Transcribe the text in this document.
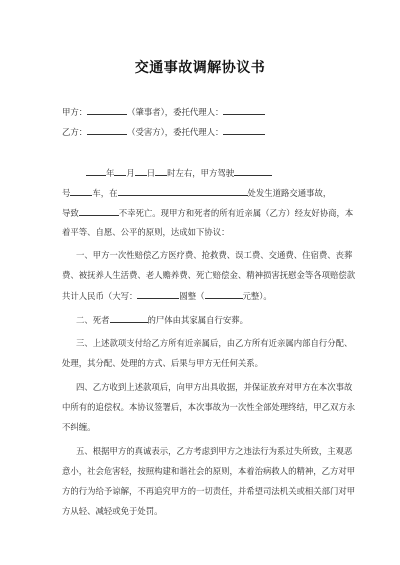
交通事故调解协议书
甲方：	（肇事者），委托代理人：
乙方：	（受害方），委托代理人：
年 月 日 时左右，甲方驾驶
号	车，在	处发生道路交通事故，
导致	不幸死亡。现甲方和死者的所有近亲属（乙方）经友好协商，本
着平等、自愿、公平的原则，达成如下协议：
一、甲方一次性赔偿乙方医疗费、抢救费、误工费、交通费、住宿费、丧葬
费、被抚养人生活费、老人赡养费、死亡赔偿金、精神损害抚慰金等各项赔偿款
共计人民币（大写：	圆整（	元整）。
二、死者	的尸体由其家属自行安葬。
三、上述款项支付给乙方所有近亲属后，由乙方所有近亲属内部自行分配、
处理，其分配、处理的方式、后果与甲方无任何关系。
四、乙方收到上述款项后，向甲方出具收据，并保证放弃对甲方在本次事故
中所有的追偿权。本协议签署后，本次事故为一次性全部处理终结，甲乙双方永
不纠缠。
五、根据甲方的真诚表示，乙方考虑到甲方之违法行为系过失所致，主观恶
意小，社会危害轻，按照构建和谐社会的原则，本着治病救人的精神，乙方对甲
方的行为给予谅解，不再追究甲方的一切责任，并希望司法机关或相关部门对甲
方从轻、减轻或免于处罚。
